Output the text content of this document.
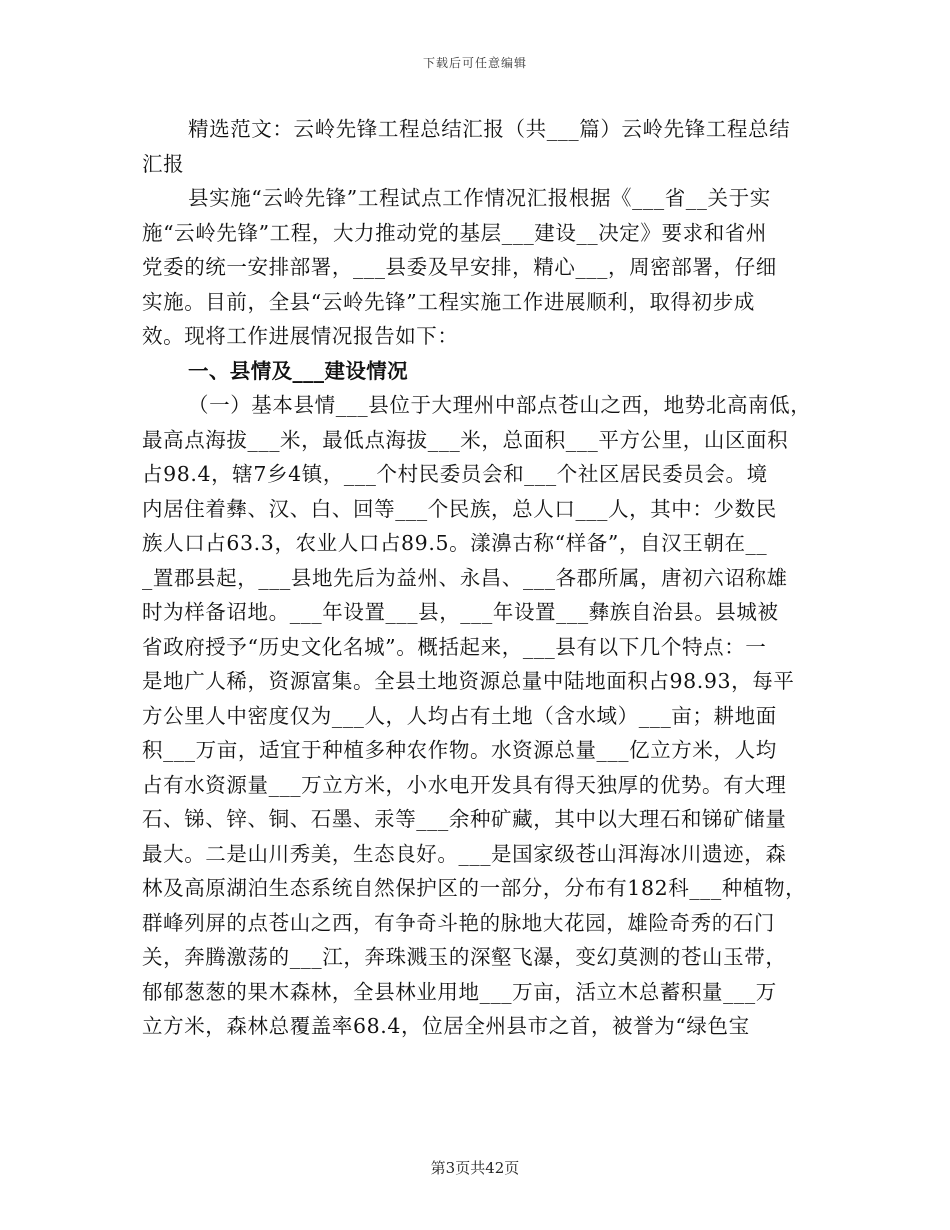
下载后可任意编辑
精选范文：云岭先锋工程总结汇报（共___篇）云岭先锋工程总结
汇报
县实施“云岭先锋”工程试点工作情况汇报根据《___省__关于实
施“云岭先锋”工程，大力推动党的基层___建设__决定》要求和省州
党委的统一安排部署，___县委及早安排，精心___，周密部署，仔细
实施。目前，全县“云岭先锋”工程实施工作进展顺利，取得初步成
效。现将工作进展情况报告如下：
一、县情及___建设情况
（一）基本县情___县位于大理州中部点苍山之西，地势北高南低，
最高点海拔___米，最低点海拔___米，总面积___平方公里，山区面积
占98.4，辖7乡4镇，___个村民委员会和___个社区居民委员会。境
内居住着彝、汉、白、回等___个民族，总人口___人，其中：少数民
族人口占63.3，农业人口占89.5。漾濞古称“样备”，自汉王朝在__
_置郡县起，___县地先后为益州、永昌、___各郡所属，唐初六诏称雄
时为样备诏地。___年设置___县，___年设置___彝族自治县。县城被
省政府授予“历史文化名城”。概括起来，___县有以下几个特点：一
是地广人稀，资源富集。全县土地资源总量中陆地面积占98.93，每平
方公里人中密度仅为___人，人均占有土地（含水域）___亩；耕地面
积___万亩，适宜于种植多种农作物。水资源总量___亿立方米，人均
占有水资源量___万立方米，小水电开发具有得天独厚的优势。有大理
石、锑、锌、铜、石墨、汞等___余种矿藏，其中以大理石和锑矿储量
最大。二是山川秀美，生态良好。___是国家级苍山洱海冰川遗迹，森
林及高原湖泊生态系统自然保护区的一部分，分布有182科___种植物，
群峰列屏的点苍山之西，有争奇斗艳的脉地大花园，雄险奇秀的石门
关，奔腾激荡的___江，奔珠溅玉的深壑飞瀑，变幻莫测的苍山玉带，
郁郁葱葱的果木森林，全县林业用地___万亩，活立木总蓄积量___万
立方米，森林总覆盖率68.4，位居全州县市之首，被誉为“绿色宝
第3页共42页
